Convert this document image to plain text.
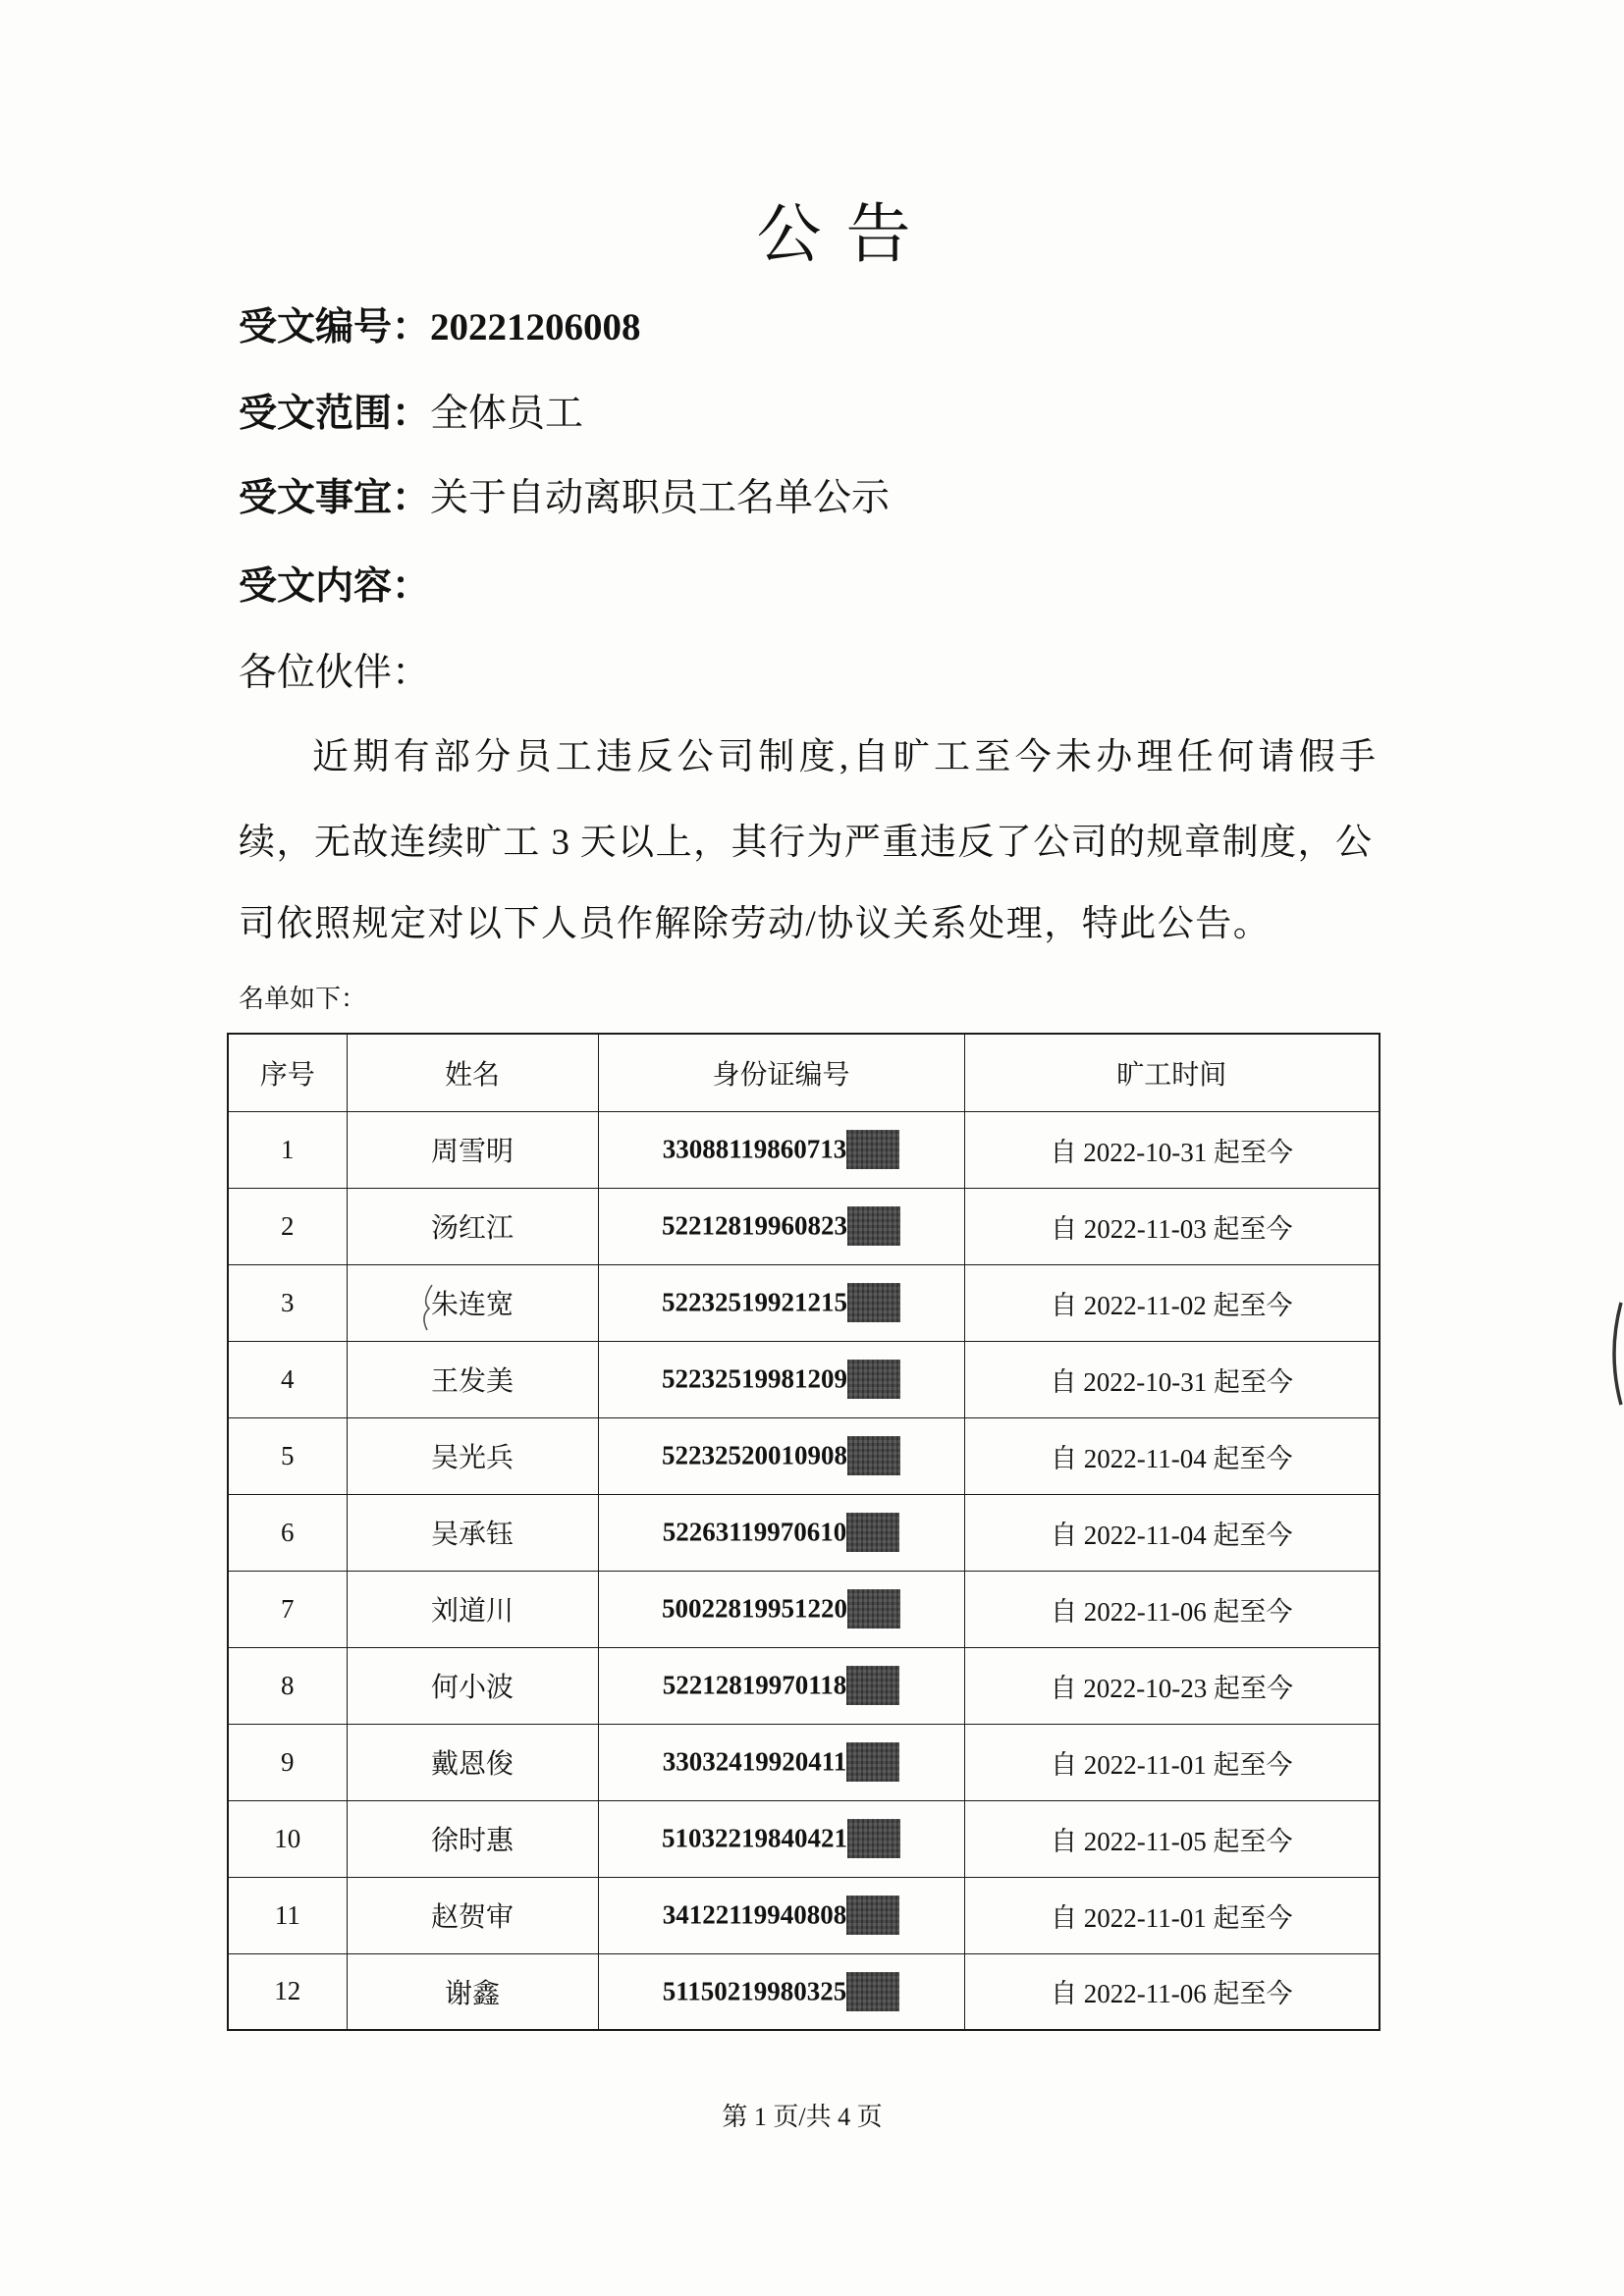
公 告
受文编号：20221206008
受文范围：全体员工
受文事宜：关于自动离职员工名单公示
受文内容：
各位伙伴：
近期有部分员工违反公司制度,自旷工至今未办理任何请假手
续，无故连续旷工 3 天以上，其行为严重违反了公司的规章制度，公
司依照规定对以下人员作解除劳动/协议关系处理，特此公告。
名单如下：
序号	姓名	身份证编号	旷工时间
1	周雪明	33088119860713	自 2022-10-31 起至今
2	汤红江	52212819960823	自 2022-11-03 起至今
3	朱连宽	52232519921215	自 2022-11-02 起至今
4	王发美	52232519981209	自 2022-10-31 起至今
5	吴光兵	52232520010908	自 2022-11-04 起至今
6	吴承钰	52263119970610	自 2022-11-04 起至今
7	刘道川	50022819951220	自 2022-11-06 起至今
8	何小波	52212819970118	自 2022-10-23 起至今
9	戴恩俊	33032419920411	自 2022-11-01 起至今
10	徐时惠	51032219840421	自 2022-11-05 起至今
11	赵贺审	34122119940808	自 2022-11-01 起至今
12	谢鑫	51150219980325	自 2022-11-06 起至今
第 1 页/共 4 页
